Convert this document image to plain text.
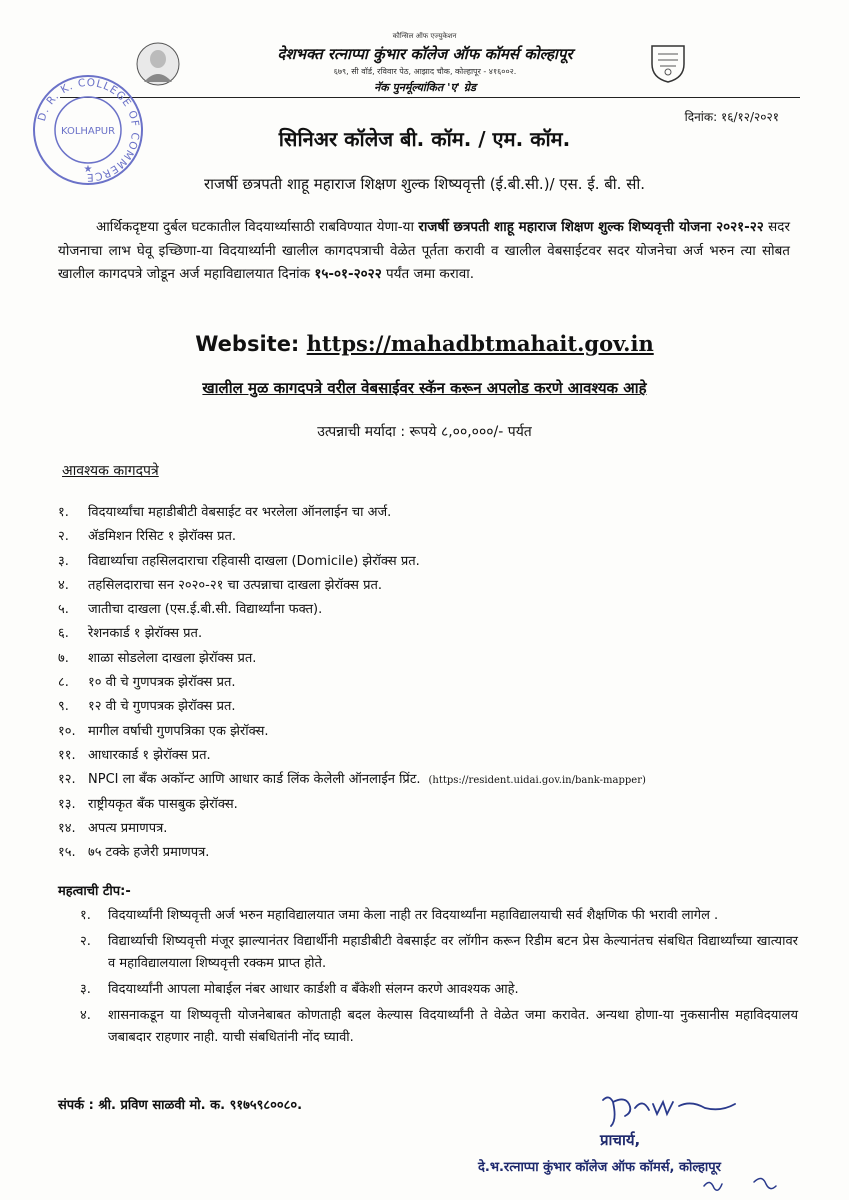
कौन्सिल ऑफ एज्युकेशन
देशभक्त रत्नाप्पा कुंभार कॉलेज ऑफ कॉमर्स कोल्हापूर
६७९, सी वॉर्ड, रविवार पेठ, आझाद चौक, कोल्हापूर - ४१६००२.
नॅक पुनर्मूल्यांकित 'ए' ग्रेड
D. R. K. COLLEGE OF COMMERCE
KOLHAPUR
★
दिनांक: १६/१२/२०२१
सिनिअर कॉलेज बी. कॉम. / एम. कॉम.
राजर्षी छत्रपती शाहू महाराज शिक्षण शुल्क शिष्यवृत्ती (ई.बी.सी.)/ एस. ई. बी. सी.

आर्थिकदृष्टया दुर्बल घटकातील विदयार्थ्यासाठी राबविण्यात येणा-या राजर्षी छत्रपती शाहू महाराज शिक्षण शुल्क शिष्यवृत्ती योजना २०२१-२२ सदर योजनाचा लाभ घेवू इच्छिणा-या विदयार्थ्यानी खालील कागदपत्राची वेळेत पूर्तता करावी व खालील वेबसाईटवर सदर योजनेचा अर्ज भरुन त्या सोबत खालील कागदपत्रे जोडून अर्ज महाविद्यालयात दिनांक १५-०१-२०२२ पर्यंत जमा करावा.

Website: https://mahadbtmahait.gov.in
खालील मुळ कागदपत्रे वरील वेबसाईवर स्कॅन करून अपलोड करणे आवश्यक आहे
उत्पन्नाची मर्यादा : रूपये ८,००,०००/- पर्यत
आवश्यक कागदपत्रे
१. विदयार्थ्यांचा महाडीबीटी वेबसाईट वर भरलेला ऑनलाईन चा अर्ज.
२. ॲडमिशन रिसिट १ झेरॉक्स प्रत.
३. विद्यार्थ्याचा तहसिलदाराचा रहिवासी दाखला (Domicile) झेरॉक्स प्रत.
४. तहसिलदाराचा सन २०२०-२१ चा उत्पन्नाचा दाखला झेरॉक्स प्रत.
५. जातीचा दाखला (एस.ई.बी.सी. विद्यार्थ्यांना फक्त).
६. रेशनकार्ड १ झेरॉक्स प्रत.
७. शाळा सोडलेला दाखला झेरॉक्स प्रत.
८. १० वी चे गुणपत्रक झेरॉक्स प्रत.
९. १२ वी चे गुणपत्रक झेरॉक्स प्रत.
१०. मागील वर्षाची गुणपत्रिका एक झेरॉक्स.
११. आधारकार्ड १ झेरॉक्स प्रत.
१२. NPCI ला बॅंक अकॉन्ट आणि आधार कार्ड लिंक केलेली ऑनलाईन प्रिंट. (https://resident.uidai.gov.in/bank-mapper)
१३. राष्ट्रीयकृत बॅंक पासबुक झेरॉक्स.
१४. अपत्य प्रमाणपत्र.
१५. ७५ टक्के हजेरी प्रमाणपत्र.
महत्वाची टीप:-
१.	विदयार्थ्यांनी शिष्यवृत्ती अर्ज भरुन महाविद्यालयात जमा केला नाही तर विदयार्थ्यांना महाविद्यालयाची सर्व शैक्षणिक फी भरावी लागेल .
२.	विद्यार्थ्याची शिष्यवृत्ती मंजूर झाल्यानंतर विद्यार्थीनी महाडीबीटी वेबसाईट वर लॉगीन करून रिडीम बटन प्रेस केल्यानंतच संबधित विद्यार्थ्यांच्या खात्यावर व महाविद्यालयाला शिष्यवृत्ती रक्कम प्राप्त होते.
३.	विदयार्थ्यांनी आपला मोबाईल नंबर आधार कार्डशी व बॅंकेशी संलग्न करणे आवश्यक आहे.
४.	शासनाकडून या शिष्यवृत्ती योजनेबाबत कोणताही बदल केल्यास विदयार्थ्यांनी ते वेळेत जमा करावेत. अन्यथा होणा-या नुकसानीस महाविदयालय जबाबदार राहणार नाही. याची संबधितांनी नोंद घ्यावी.
संपर्क : श्री. प्रविण साळवी मो. क. ९१७५९८००८०.
प्राचार्य,
दे.भ.रत्नाप्पा कुंभार कॉलेज ऑफ कॉमर्स, कोल्हापूर
